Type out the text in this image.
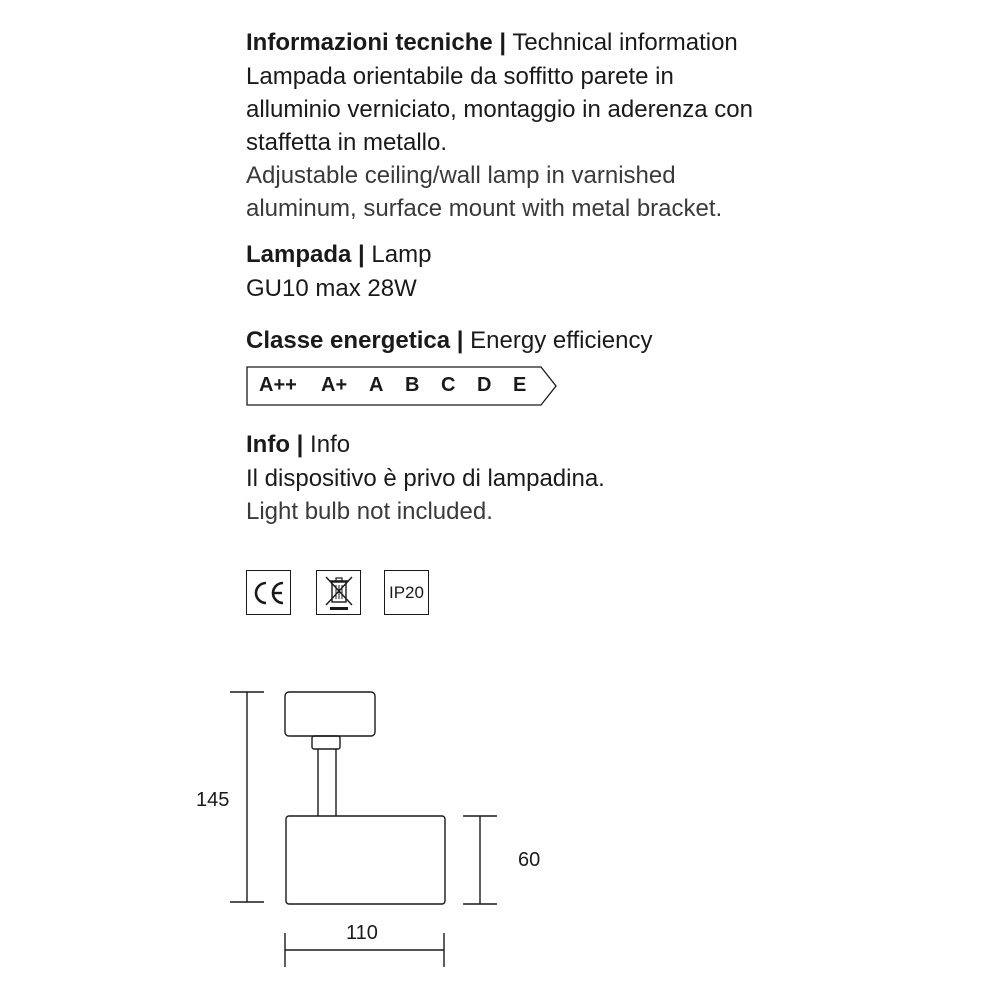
Informazioni tecniche | Technical information
Lampada orientabile da soffitto parete in
alluminio verniciato, montaggio in aderenza con
staffetta in metallo.
Adjustable ceiling/wall lamp in varnished
aluminum, surface mount with metal bracket.
Lampada | Lamp
GU10 max 28W
Classe energetica | Energy efficiency
A++ A+ A B C D E
Info | Info
Il dispositivo è privo di lampadina.
Light bulb not included.
IP20
145
60
110
